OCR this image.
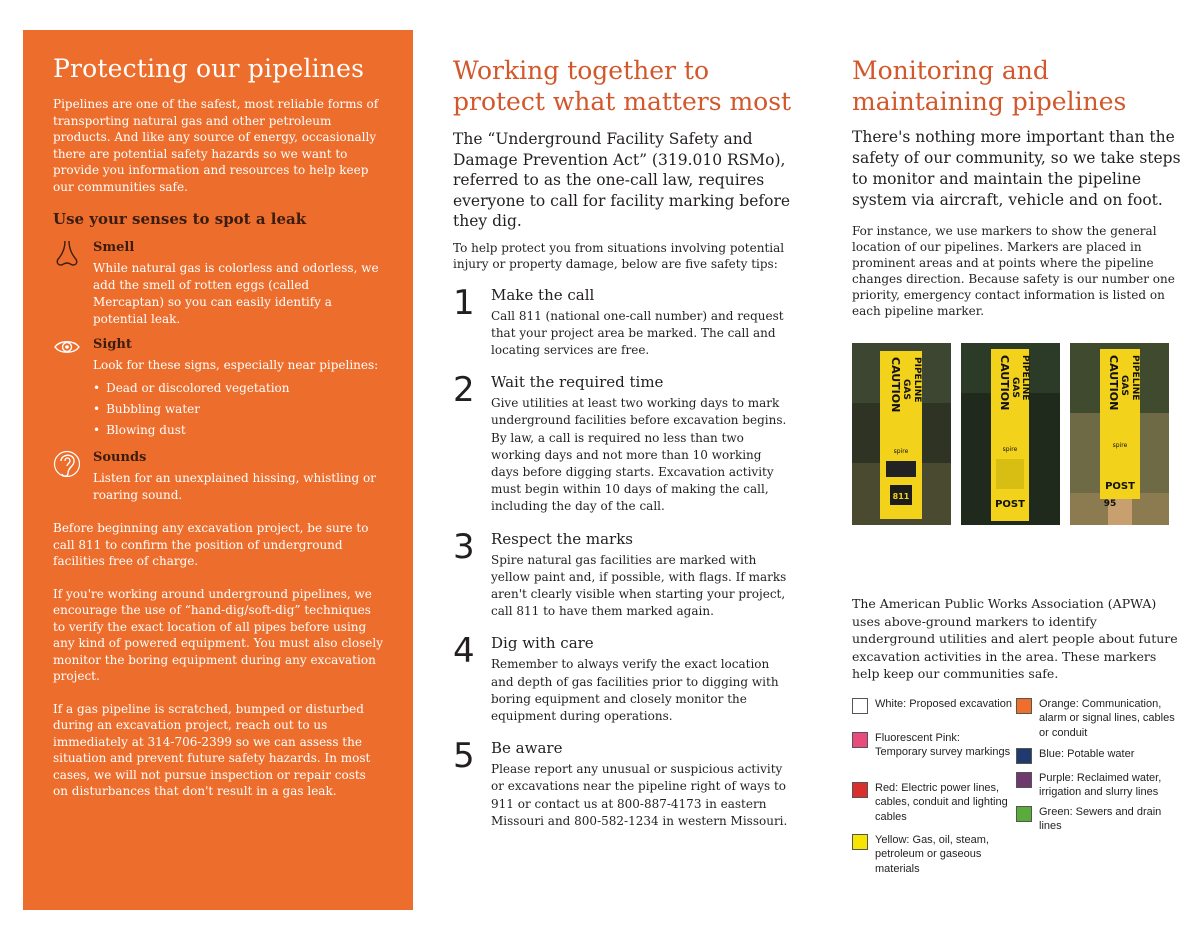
Protecting our pipelines

Pipelines are one of the safest, most reliable forms of transporting natural gas and other petroleum products. And like any source of energy, occasionally there are potential safety hazards so we want to provide you information and resources to help keep our communities safe.

Use your senses to spot a leak
Smell
While natural gas is colorless and odorless, we add the smell of rotten eggs (called Mercaptan) so you can easily identify a potential leak.
Sight
Look for these signs, especially near pipelines:
• Dead or discolored vegetation
• Bubbling water
• Blowing dust
Sounds
Listen for an unexplained hissing, whistling or roaring sound.

Before beginning any excavation project, be sure to call 811 to confirm the position of underground facilities free of charge.

If you're working around underground pipelines, we encourage the use of “hand-dig/soft-dig” techniques to verify the exact location of all pipes before using any kind of powered equipment. You must also closely monitor the boring equipment during any excavation project.

If a gas pipeline is scratched, bumped or disturbed during an excavation project, reach out to us immediately at 314-706-2399 so we can assess the situation and prevent future safety hazards. In most cases, we will not pursue inspection or repair costs on disturbances that don't result in a gas leak.

Working together to protect what matters most

The “Underground Facility Safety and Damage Prevention Act” (319.010 RSMo), referred to as the one-call law, requires everyone to call for facility marking before they dig.

To help protect you from situations involving potential injury or property damage, below are five safety tips:

1 Make the call
Call 811 (national one-call number) and request that your project area be marked. The call and locating services are free.
2 Wait the required time
Give utilities at least two working days to mark underground facilities before excavation begins. By law, a call is required no less than two working days and not more than 10 working days before digging starts. Excavation activity must begin within 10 days of making the call, including the day of the call.
3 Respect the marks
Spire natural gas facilities are marked with yellow paint and, if possible, with flags. If marks aren't clearly visible when starting your project, call 811 to have them marked again.
4 Dig with care
Remember to always verify the exact location and depth of gas facilities prior to digging with boring equipment and closely monitor the equipment during operations.
5 Be aware
Please report any unusual or suspicious activity or excavations near the pipeline right of ways to 911 or contact us at 800-887-4173 in eastern Missouri and 800-582-1234 in western Missouri.
Monitoring and maintaining pipelines

There's nothing more important than the safety of our community, so we take steps to monitor and maintain the pipeline system via aircraft, vehicle and on foot.

For instance, we use markers to show the general location of our pipelines. Markers are placed in prominent areas and at points where the pipeline changes direction. Because safety is our number one priority, emergency contact information is listed on each pipeline marker.

CAUTION GAS PIPELINE
spire
811
CAUTION GAS PIPELINE
spire
POST
CAUTION GAS PIPELINE
spire
POST
95

The American Public Works Association (APWA) uses above-ground markers to identify underground utilities and alert people about future excavation activities in the area. These markers help keep our communities safe.

White: Proposed excavation
Fluorescent Pink: Temporary survey markings
Red: Electric power lines, cables, conduit and lighting cables
Yellow: Gas, oil, steam, petroleum or gaseous materials
Orange: Communication, alarm or signal lines, cables or conduit
Blue: Potable water
Purple: Reclaimed water, irrigation and slurry lines
Green: Sewers and drain lines
